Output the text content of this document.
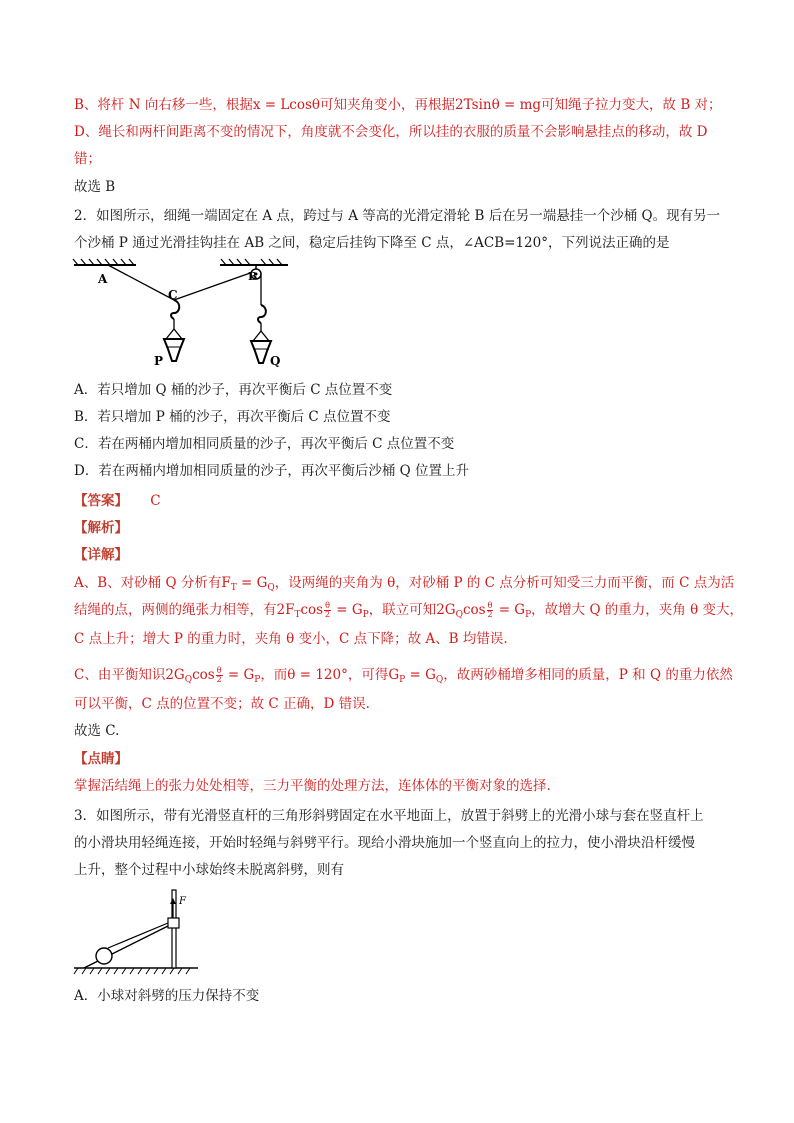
B、将杆 N 向右移一些，根据x = Lcosθ可知夹角变小，再根据2Tsinθ = mg可知绳子拉力变大，故 B 对；
D、绳长和两杆间距离不变的情况下，角度就不会变化，所以挂的衣服的质量不会影响悬挂点的移动，故 D
错；
故选 B
2．如图所示，细绳一端固定在 A 点，跨过与 A 等高的光滑定滑轮 B 后在另一端悬挂一个沙桶 Q。现有另一
个沙桶 P 通过光滑挂钩挂在 AB 之间，稳定后挂钩下降至 C 点，∠ACB=120°，下列说法正确的是
A
C
B
P	Q
A．若只增加 Q 桶的沙子，再次平衡后 C 点位置不变
B．若只增加 P 桶的沙子，再次平衡后 C 点位置不变
C．若在两桶内增加相同质量的沙子，再次平衡后 C 点位置不变
D．若在两桶内增加相同质量的沙子，再次平衡后沙桶 Q 位置上升
【答案】 C
【解析】
【详解】
A、B、对砂桶 Q 分析有$F_T = G_Q$，设两绳的夹角为 θ，对砂桶 P 的 C 点分析可知受三力而平衡，而 C 点为活
结绳的点，两侧的绳张力相等，有$2F_T\cos \frac{\theta}{2} = G_P$，联立可知$2G_Q\cos \frac{\theta}{2} = G_P$，故增大 Q 的重力，夹角 θ 变大，
C 点上升；增大 P 的重力时，夹角 θ 变小，C 点下降；故 A、B 均错误.
C、由平衡知识$2G_Q\cos \frac{\theta}{2} = G_P$，而θ = 120°，可得$G_P = G_Q$，故两砂桶增多相同的质量，P 和 Q 的重力依然
可以平衡，C 点的位置不变；故 C 正确，D 错误.
故选 C.
【点睛】
掌握活结绳上的张力处处相等，三力平衡的处理方法，连体体的平衡对象的选择.
3．如图所示，带有光滑竖直杆的三角形斜劈固定在水平地面上，放置于斜劈上的光滑小球与套在竖直杆上
的小滑块用轻绳连接，开始时轻绳与斜劈平行。现给小滑块施加一个竖直向上的拉力，使小滑块沿杆缓慢
上升，整个过程中小球始终未脱离斜劈，则有
F
A．小球对斜劈的压力保持不变
